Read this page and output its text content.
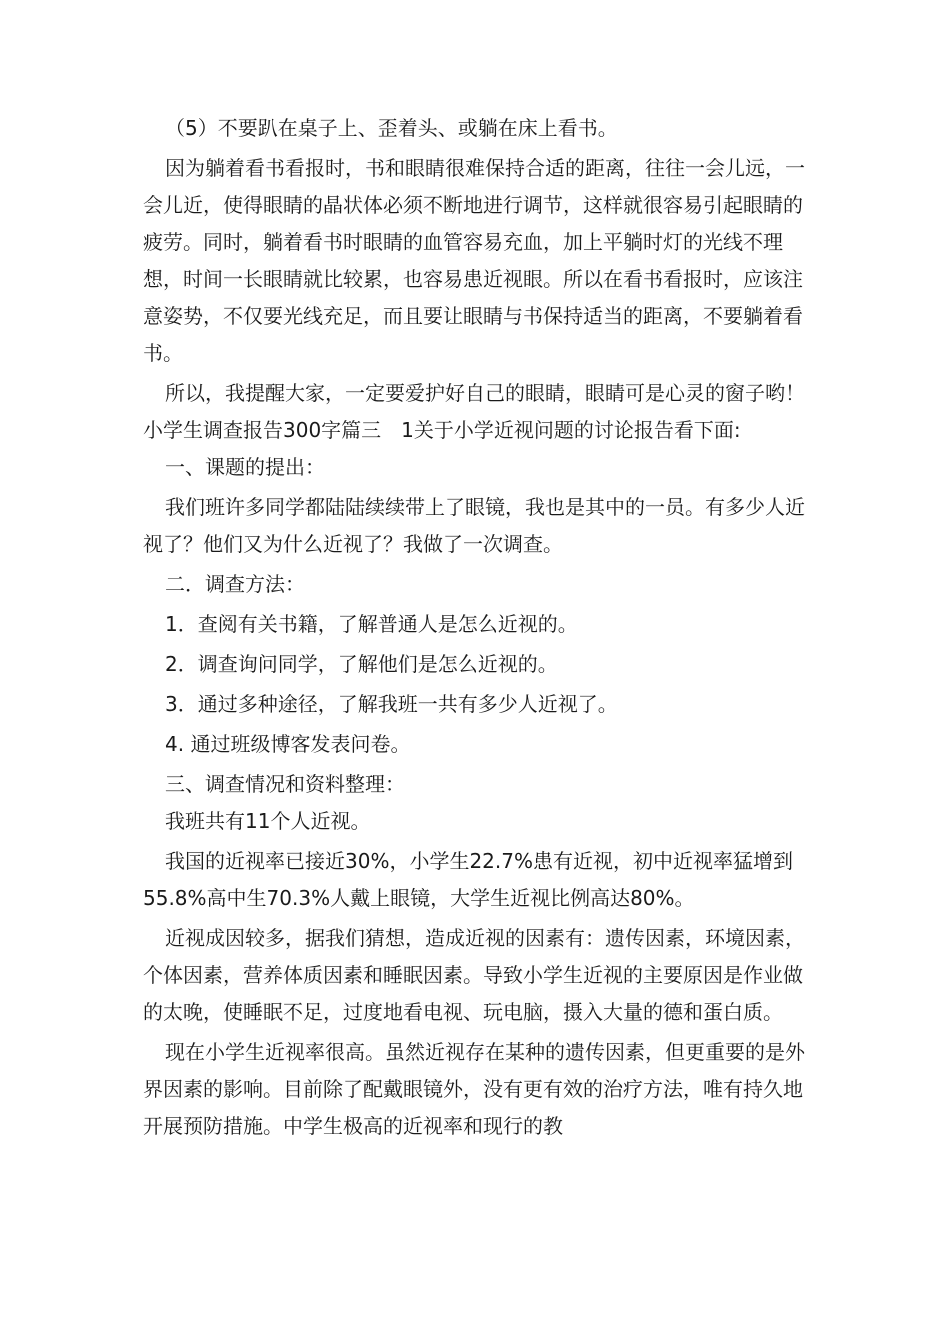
（5）不要趴在桌子上、歪着头、或躺在床上看书。

因为躺着看书看报时，书和眼睛很难保持合适的距离，往往一会儿远，一会儿近，使得眼睛的晶状体必须不断地进行调节，这样就很容易引起眼睛的疲劳。同时，躺着看书时眼睛的血管容易充血，加上平躺时灯的光线不理想，时间一长眼睛就比较累，也容易患近视眼。所以在看书看报时，应该注意姿势，不仅要光线充足，而且要让眼睛与书保持适当的距离，不要躺着看书。

所以，我提醒大家，一定要爱护好自己的眼睛，眼睛可是心灵的窗子哟！

小学生调查报告300字篇三　1关于小学近视问题的讨论报告看下面:

一、课题的提出：

我们班许多同学都陆陆续续带上了眼镜，我也是其中的一员。有多少人近视了？他们又为什么近视了？我做了一次调查。

二．调查方法：

1．查阅有关书籍，了解普通人是怎么近视的。

2．调查询问同学，了解他们是怎么近视的。

3．通过多种途径，了解我班一共有多少人近视了。

4. 通过班级博客发表问卷。

三、调查情况和资料整理：

我班共有11个人近视。

我国的近视率已接近30%，小学生22.7%患有近视，初中近视率猛增到55.8%高中生70.3%人戴上眼镜，大学生近视比例高达80%。

近视成因较多，据我们猜想，造成近视的因素有：遗传因素，环境因素，个体因素，营养体质因素和睡眠因素。导致小学生近视的主要原因是作业做的太晚，使睡眠不足，过度地看电视、玩电脑，摄入大量的德和蛋白质。

现在小学生近视率很高。虽然近视存在某种的遗传因素，但更重要的是外界因素的影响。目前除了配戴眼镜外，没有更有效的治疗方法，唯有持久地开展预防措施。中学生极高的近视率和现行的教
